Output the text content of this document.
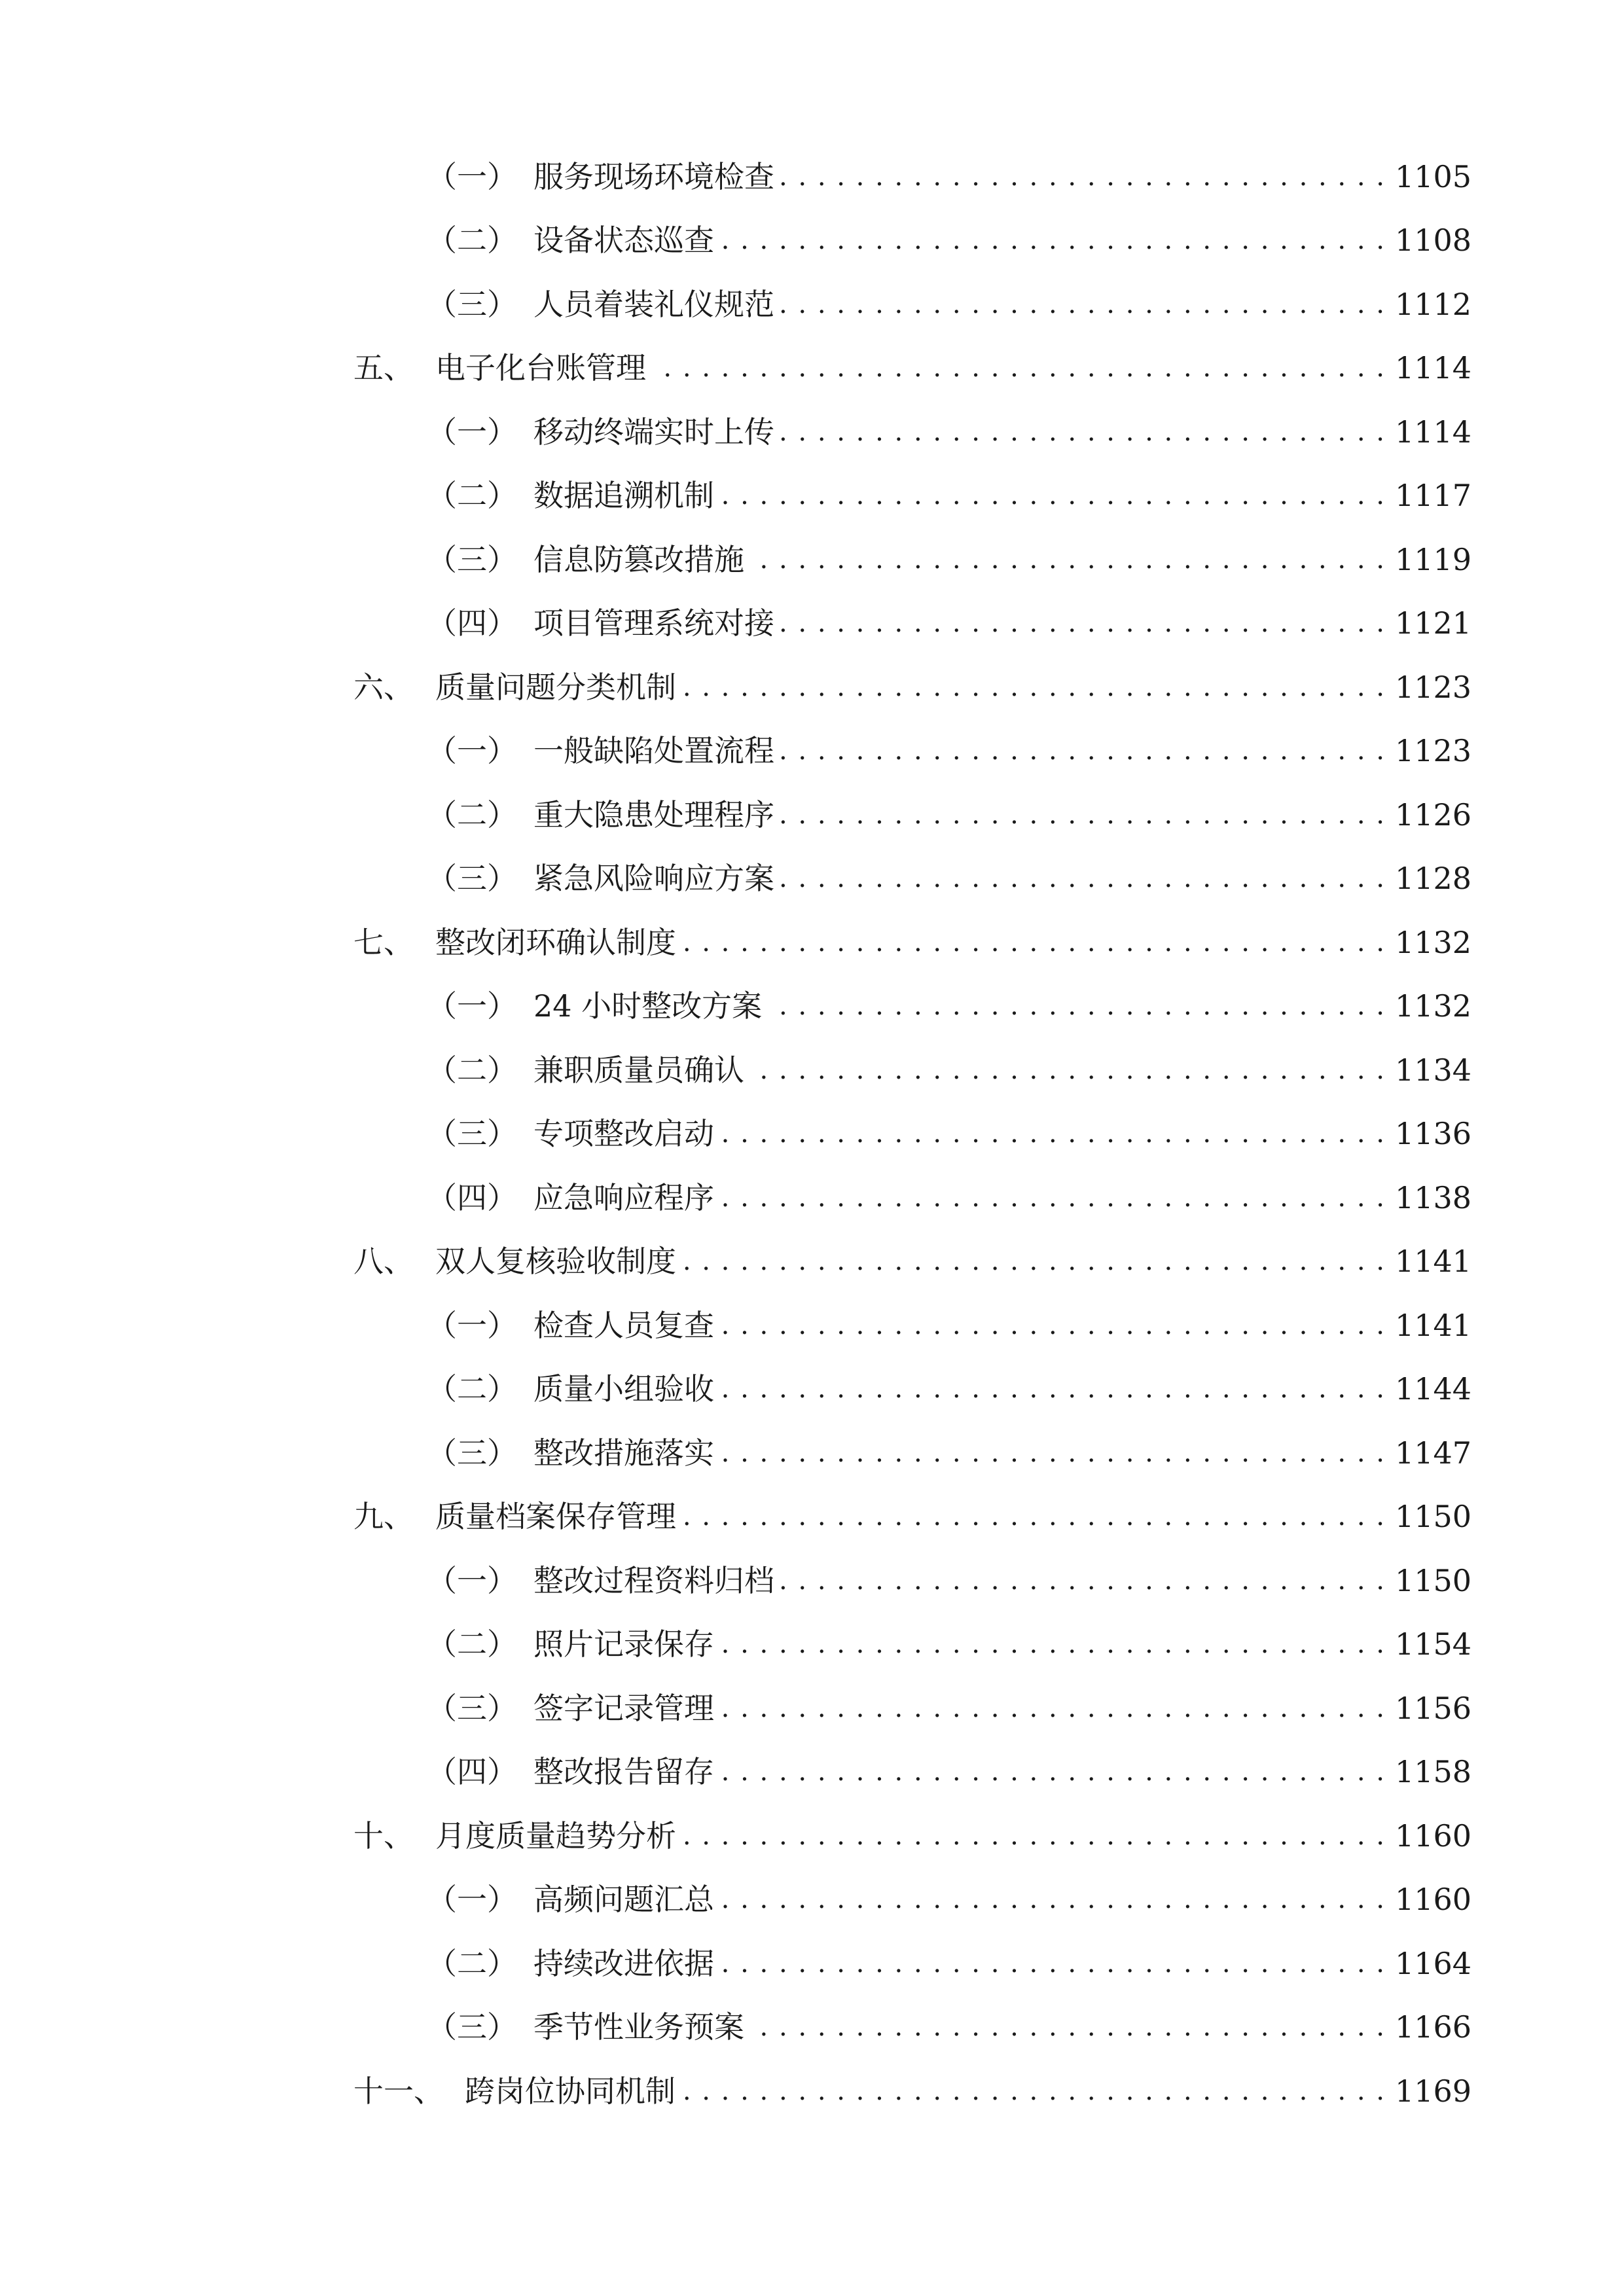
（一） 服务现场环境检查 . . .	1105
（二） 设备状态巡查 . . .	1108
（三） 人员着装礼仪规范 . . .	1112
五、 电子化台账管理 . . .	1114
（一） 移动终端实时上传 . . .	1114
（二） 数据追溯机制 . . .	1117
（三） 信息防篡改措施 . . .	1119
（四） 项目管理系统对接 . . .	1121
六、 质量问题分类机制 . . .	1123
（一） 一般缺陷处置流程 . . .	1123
（二） 重大隐患处理程序 . . .	1126
（三） 紧急风险响应方案 . . .	1128
七、 整改闭环确认制度 . . .	1132
（一） 24 小时整改方案 . . .	1132
（二） 兼职质量员确认 . . .	1134
（三） 专项整改启动 . . .	1136
（四） 应急响应程序 . . .	1138
八、 双人复核验收制度 . . .	1141
（一） 检查人员复查 . . .	1141
（二） 质量小组验收 . . .	1144
（三） 整改措施落实 . . .	1147
九、 质量档案保存管理 . . .	1150
（一） 整改过程资料归档 . . .	1150
（二） 照片记录保存 . . .	1154
（三） 签字记录管理 . . .	1156
（四） 整改报告留存 . . .	1158
十、 月度质量趋势分析 . . .	1160
（一） 高频问题汇总 . . .	1160
（二） 持续改进依据 . . .	1164
（三） 季节性业务预案 . . .	1166
十一、 跨岗位协同机制 . . .	1169
